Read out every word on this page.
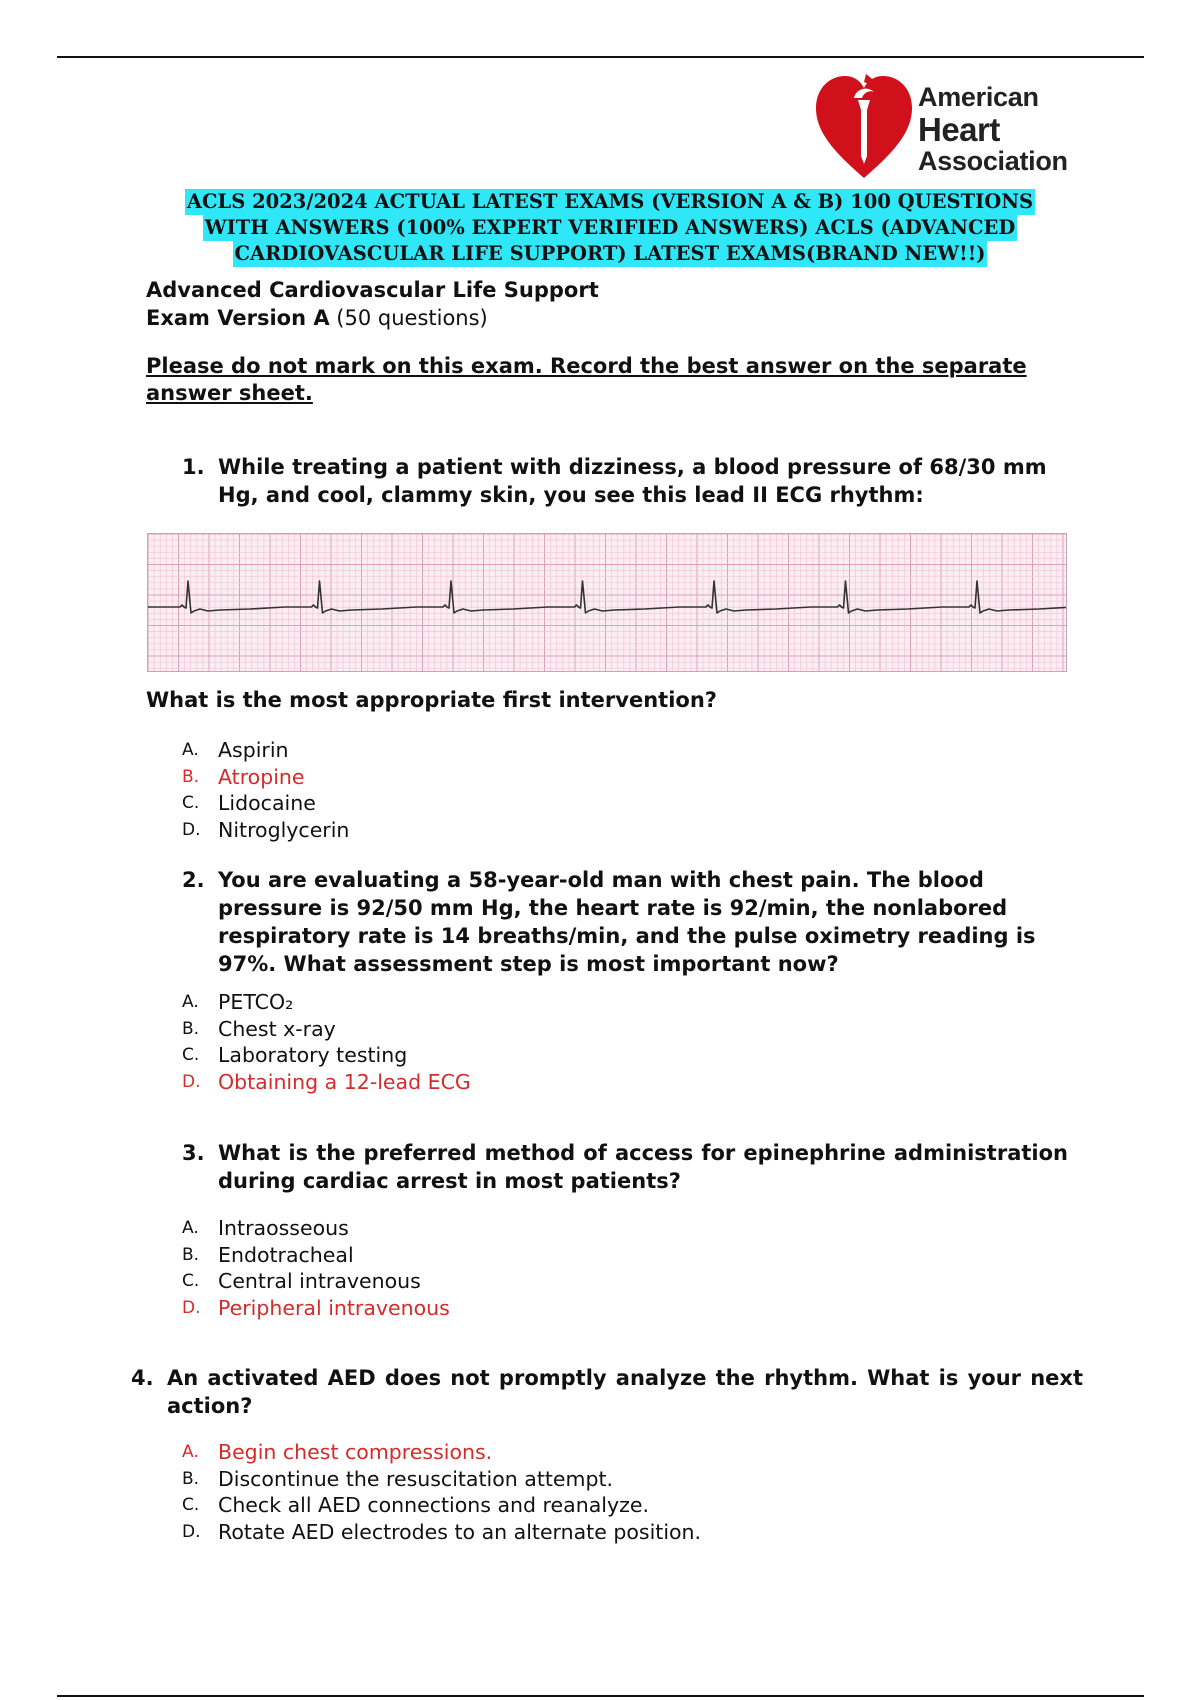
American
Heart
Association
ACLS 2023/2024 ACTUAL LATEST EXAMS (VERSION A & B) 100 QUESTIONS
WITH ANSWERS (100% EXPERT VERIFIED ANSWERS) ACLS (ADVANCED
CARDIOVASCULAR LIFE SUPPORT) LATEST EXAMS(BRAND NEW!!)
Advanced Cardiovascular Life Support
Exam Version A (50 questions)
Please do not mark on this exam. Record the best answer on the separate answer sheet.
1. While treating a patient with dizziness, a blood pressure of 68/30 mm Hg, and cool, clammy skin, you see this lead II ECG rhythm:
What is the most appropriate first intervention?
A. Aspirin
B. Atropine
C. Lidocaine
D. Nitroglycerin
2. You are evaluating a 58-year-old man with chest pain. The blood pressure is 92/50 mm Hg, the heart rate is 92/min, the nonlabored respiratory rate is 14 breaths/min, and the pulse oximetry reading is 97%. What assessment step is most important now?
A. PETCO₂
B. Chest x-ray
C. Laboratory testing
D. Obtaining a 12-lead ECG
3. What is the preferred method of access for epinephrine administration during cardiac arrest in most patients?
A. Intraosseous
B. Endotracheal
C. Central intravenous
D. Peripheral intravenous
4. An activated AED does not promptly analyze the rhythm. What is your next action?
A. Begin chest compressions.
B. Discontinue the resuscitation attempt.
C. Check all AED connections and reanalyze.
D. Rotate AED electrodes to an alternate position.
